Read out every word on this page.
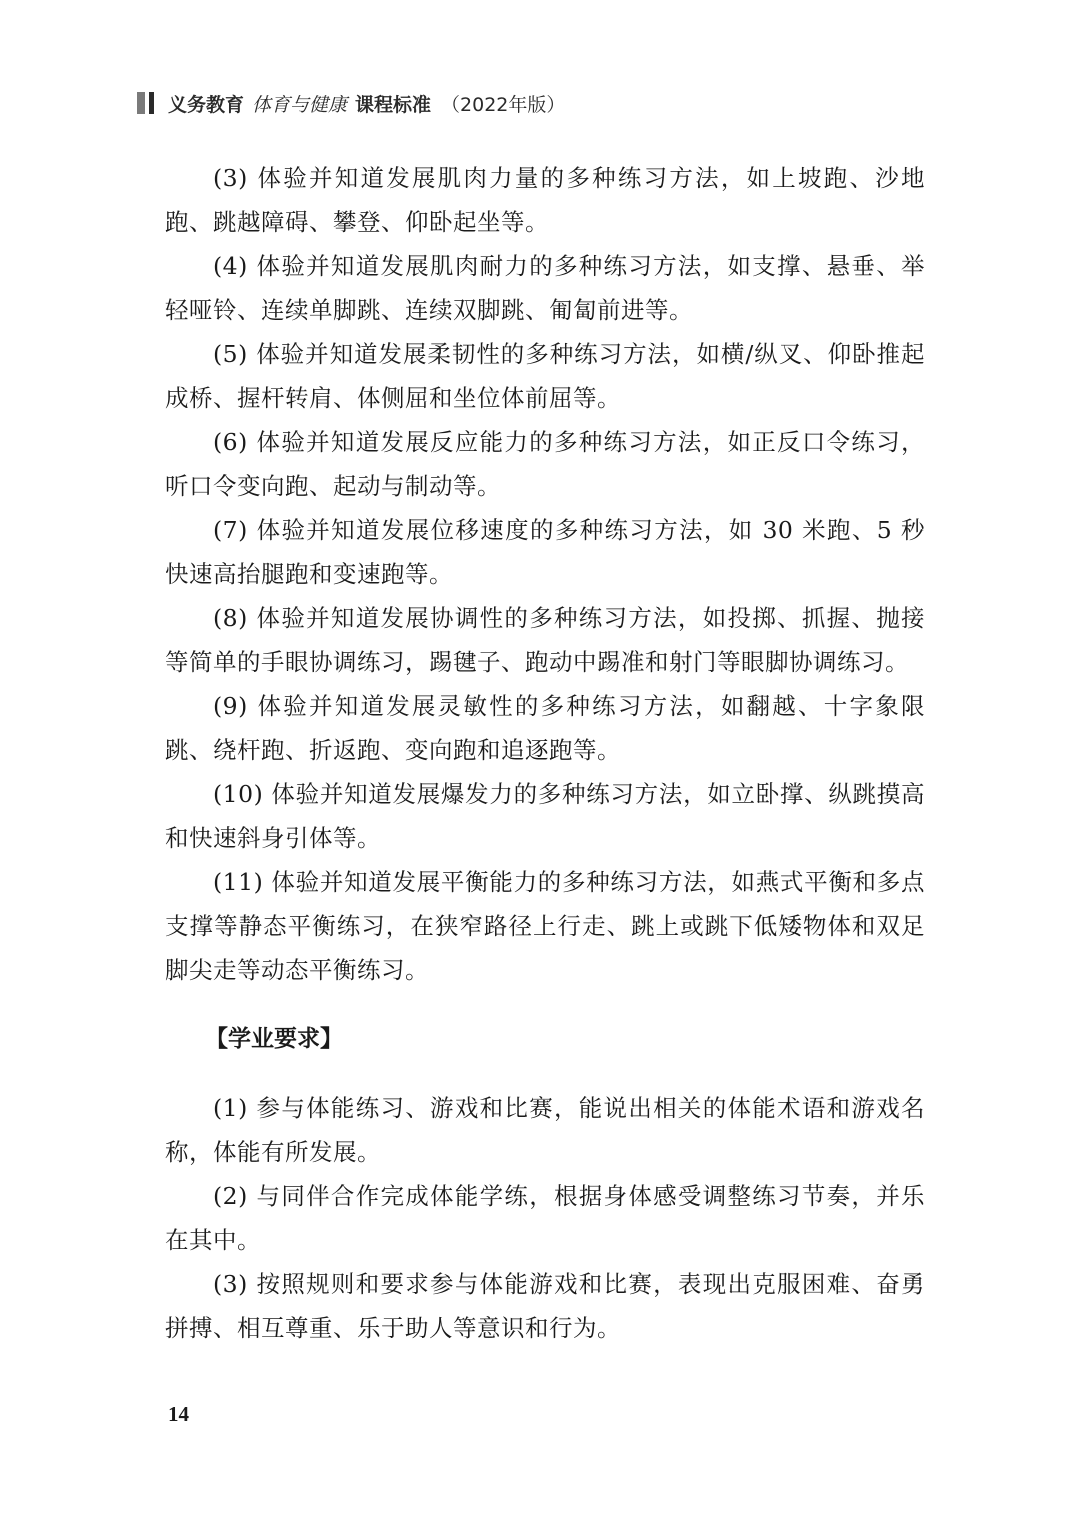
义务教育 体育与健康 课程标准 （2022年版）

(3) 体验并知道发展肌肉力量的多种练习方法，如上坡跑、沙地跑、跳越障碍、攀登、仰卧起坐等。

(4) 体验并知道发展肌肉耐力的多种练习方法，如支撑、悬垂、举轻哑铃、连续单脚跳、连续双脚跳、匍匐前进等。

(5) 体验并知道发展柔韧性的多种练习方法，如横/纵叉、仰卧推起成桥、握杆转肩、体侧屈和坐位体前屈等。

(6) 体验并知道发展反应能力的多种练习方法，如正反口令练习，听口令变向跑、起动与制动等。

(7) 体验并知道发展位移速度的多种练习方法，如 30 米跑、5 秒快速高抬腿跑和变速跑等。

(8) 体验并知道发展协调性的多种练习方法，如投掷、抓握、抛接等简单的手眼协调练习，踢毽子、跑动中踢准和射门等眼脚协调练习。

(9) 体验并知道发展灵敏性的多种练习方法，如翻越、十字象限跳、绕杆跑、折返跑、变向跑和追逐跑等。

(10) 体验并知道发展爆发力的多种练习方法，如立卧撑、纵跳摸高和快速斜身引体等。

(11) 体验并知道发展平衡能力的多种练习方法，如燕式平衡和多点支撑等静态平衡练习，在狭窄路径上行走、跳上或跳下低矮物体和双足脚尖走等动态平衡练习。

【学业要求】

(1) 参与体能练习、游戏和比赛，能说出相关的体能术语和游戏名称，体能有所发展。

(2) 与同伴合作完成体能学练，根据身体感受调整练习节奏，并乐在其中。

(3) 按照规则和要求参与体能游戏和比赛，表现出克服困难、奋勇拼搏、相互尊重、乐于助人等意识和行为。

14
